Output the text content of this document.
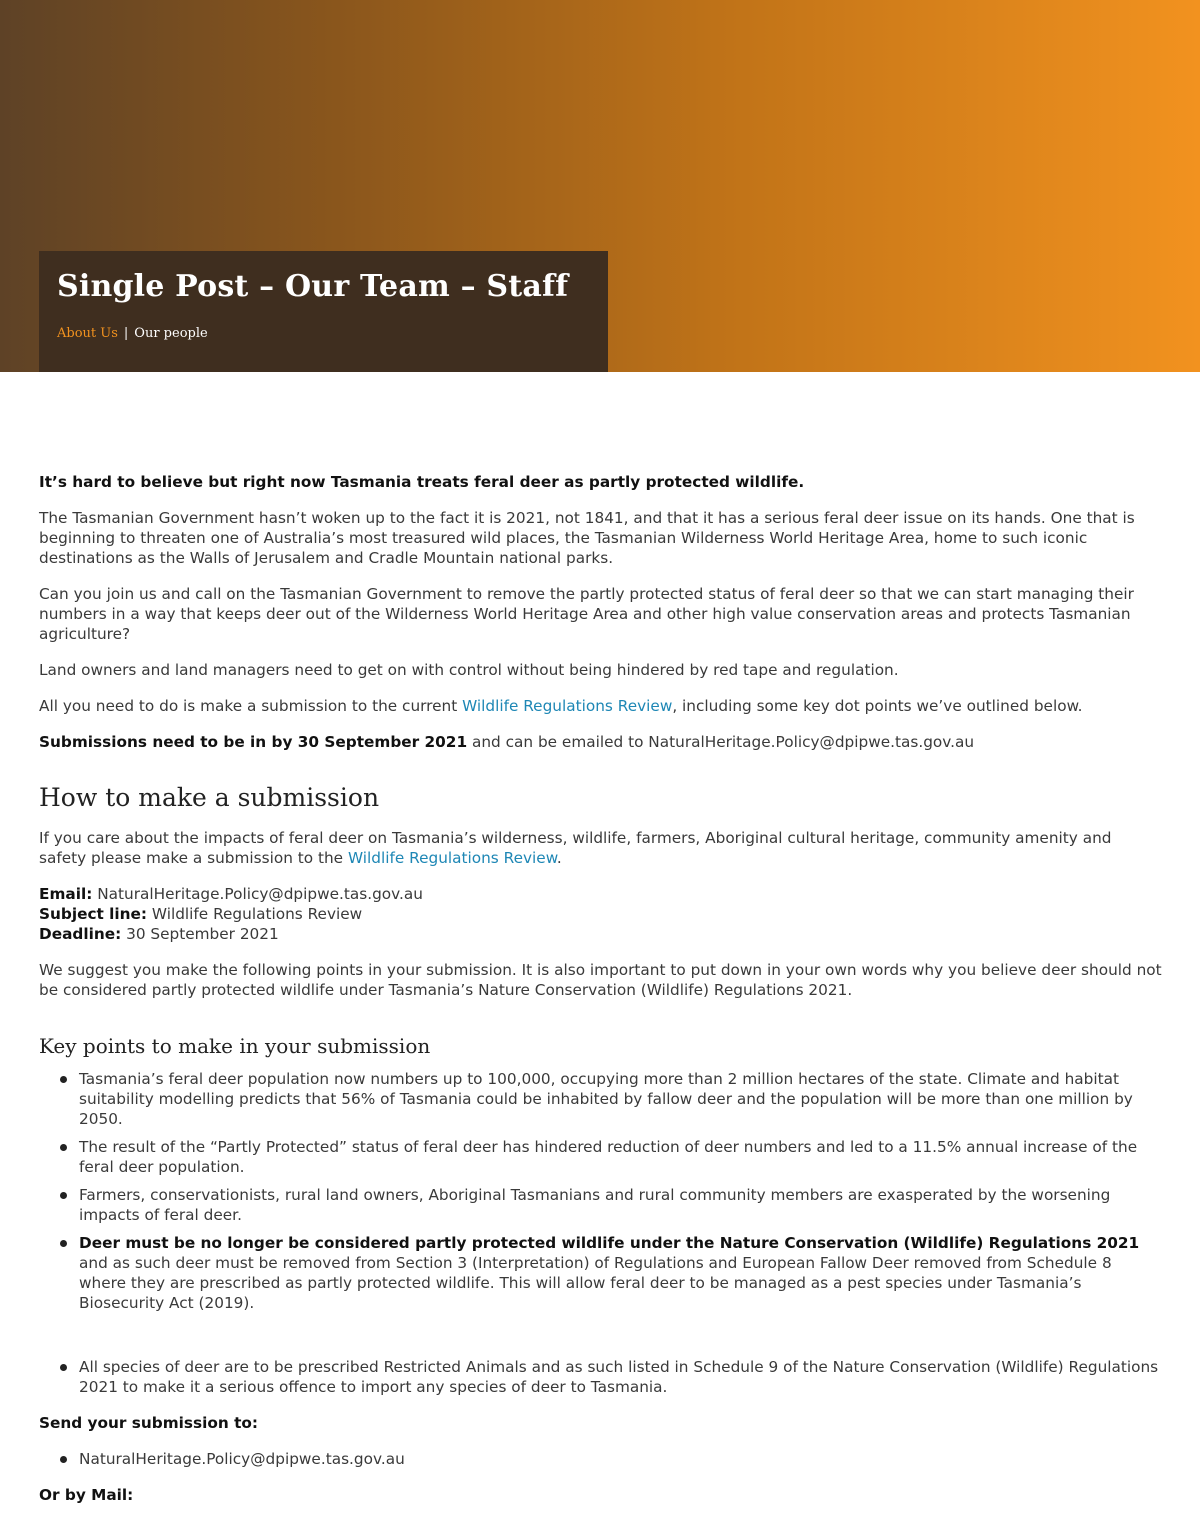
Single Post – Our Team – Staff
About Us | Our people

It’s hard to believe but right now Tasmania treats feral deer as partly protected wildlife.

The Tasmanian Government hasn’t woken up to the fact it is 2021, not 1841, and that it has a serious feral deer issue on its hands. One that is beginning to threaten one of Australia’s most treasured wild places, the Tasmanian Wilderness World Heritage Area, home to such iconic destinations as the Walls of Jerusalem and Cradle Mountain national parks.

Can you join us and call on the Tasmanian Government to remove the partly protected status of feral deer so that we can start managing their numbers in a way that keeps deer out of the Wilderness World Heritage Area and other high value conservation areas and protects Tasmanian agriculture?

Land owners and land managers need to get on with control without being hindered by red tape and regulation.

All you need to do is make a submission to the current Wildlife Regulations Review, including some key dot points we’ve outlined below.

Submissions need to be in by 30 September 2021 and can be emailed to NaturalHeritage.Policy@dpipwe.tas.gov.au

How to make a submission

If you care about the impacts of feral deer on Tasmania’s wilderness, wildlife, farmers, Aboriginal cultural heritage, community amenity and safety please make a submission to the Wildlife Regulations Review.

Email: NaturalHeritage.Policy@dpipwe.tas.gov.au

Subject line: Wildlife Regulations Review

Deadline: 30 September 2021

We suggest you make the following points in your submission. It is also important to put down in your own words why you believe deer should not be considered partly protected wildlife under Tasmania’s Nature Conservation (Wildlife) Regulations 2021.

Key points to make in your submission
Tasmania’s feral deer population now numbers up to 100,000, occupying more than 2 million hectares of the state. Climate and habitat suitability modelling predicts that 56% of Tasmania could be inhabited by fallow deer and the population will be more than one million by 2050.
The result of the “Partly Protected” status of feral deer has hindered reduction of deer numbers and led to a 11.5% annual increase of the feral deer population.
Farmers, conservationists, rural land owners, Aboriginal Tasmanians and rural community members are exasperated by the worsening impacts of feral deer.
Deer must be no longer be considered partly protected wildlife under the Nature Conservation (Wildlife) Regulations 2021 and as such deer must be removed from Section 3 (Interpretation) of Regulations and European Fallow Deer removed from Schedule 8 where they are prescribed as partly protected wildlife. This will allow feral deer to be managed as a pest species under Tasmania’s Biosecurity Act (2019).
All species of deer are to be prescribed Restricted Animals and as such listed in Schedule 9 of the Nature Conservation (Wildlife) Regulations 2021 to make it a serious offence to import any species of deer to Tasmania.

Send your submission to:

NaturalHeritage.Policy@dpipwe.tas.gov.au

Or by Mail:
